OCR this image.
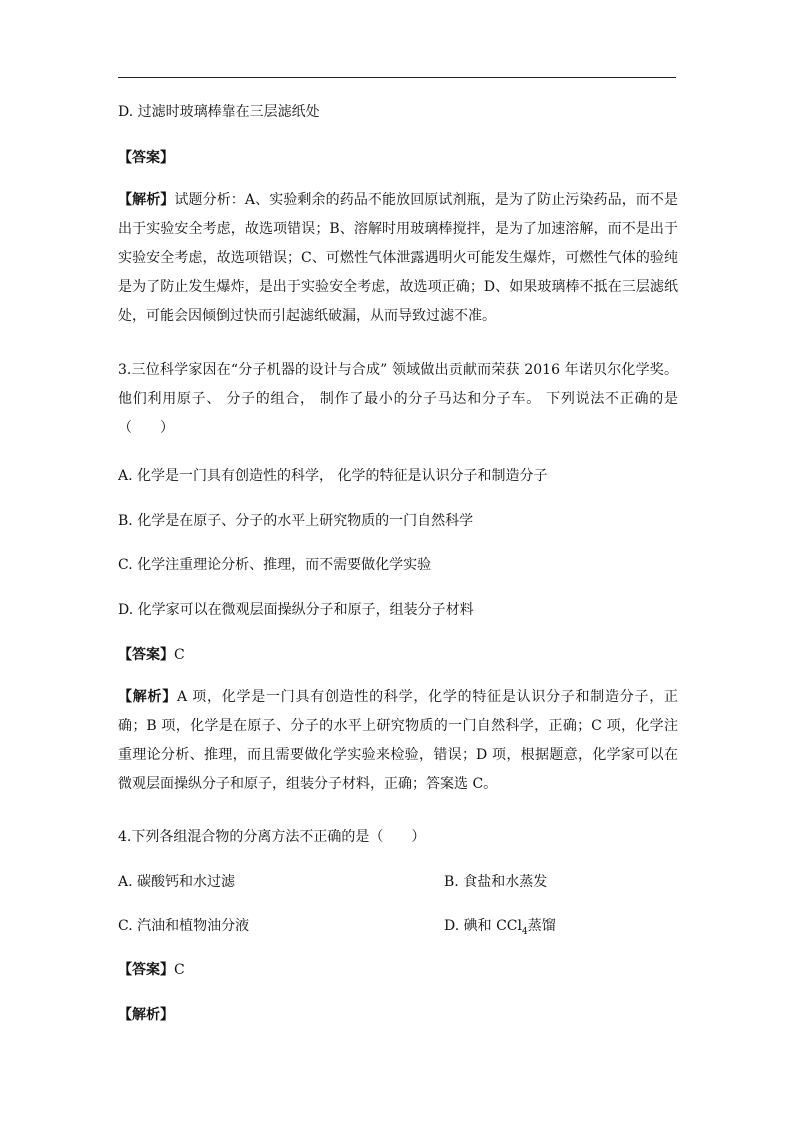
D. 过滤时玻璃棒靠在三层滤纸处
【答案】
【解析】试题分析：A、实验剩余的药品不能放回原试剂瓶，是为了防止污染药品，而不是出于实验安全考虑，故选项错误；B、溶解时用玻璃棒搅拌，是为了加速溶解，而不是出于实验安全考虑，故选项错误；C、可燃性气体泄露遇明火可能发生爆炸，可燃性气体的验纯是为了防止发生爆炸，是出于实验安全考虑，故选项正确；D、如果玻璃棒不抵在三层滤纸处，可能会因倾倒过快而引起滤纸破漏，从而导致过滤不准。
3.三位科学家因在“分子机器的设计与合成” 领域做出贡献而荣获 2016 年诺贝尔化学奖。他们利用原子、 分子的组合， 制作了最小的分子马达和分子车。 下列说法不正确的是（　　）
A. 化学是一门具有创造性的科学， 化学的特征是认识分子和制造分子
B. 化学是在原子、分子的水平上研究物质的一门自然科学
C. 化学注重理论分析、推理，而不需要做化学实验
D. 化学家可以在微观层面操纵分子和原子，组装分子材料
【答案】C
【解析】A 项，化学是一门具有创造性的科学，化学的特征是认识分子和制造分子，正确；B 项，化学是在原子、分子的水平上研究物质的一门自然科学，正确；C 项，化学注重理论分析、推理，而且需要做化学实验来检验，错误；D 项，根据题意，化学家可以在微观层面操纵分子和原子，组装分子材料，正确；答案选 C。
4.下列各组混合物的分离方法不正确的是（　　）
A. 碳酸钙和水过滤	B. 食盐和水蒸发
C. 汽油和植物油分液	D. 碘和 CCl$_4$蒸馏
【答案】C
【解析】
